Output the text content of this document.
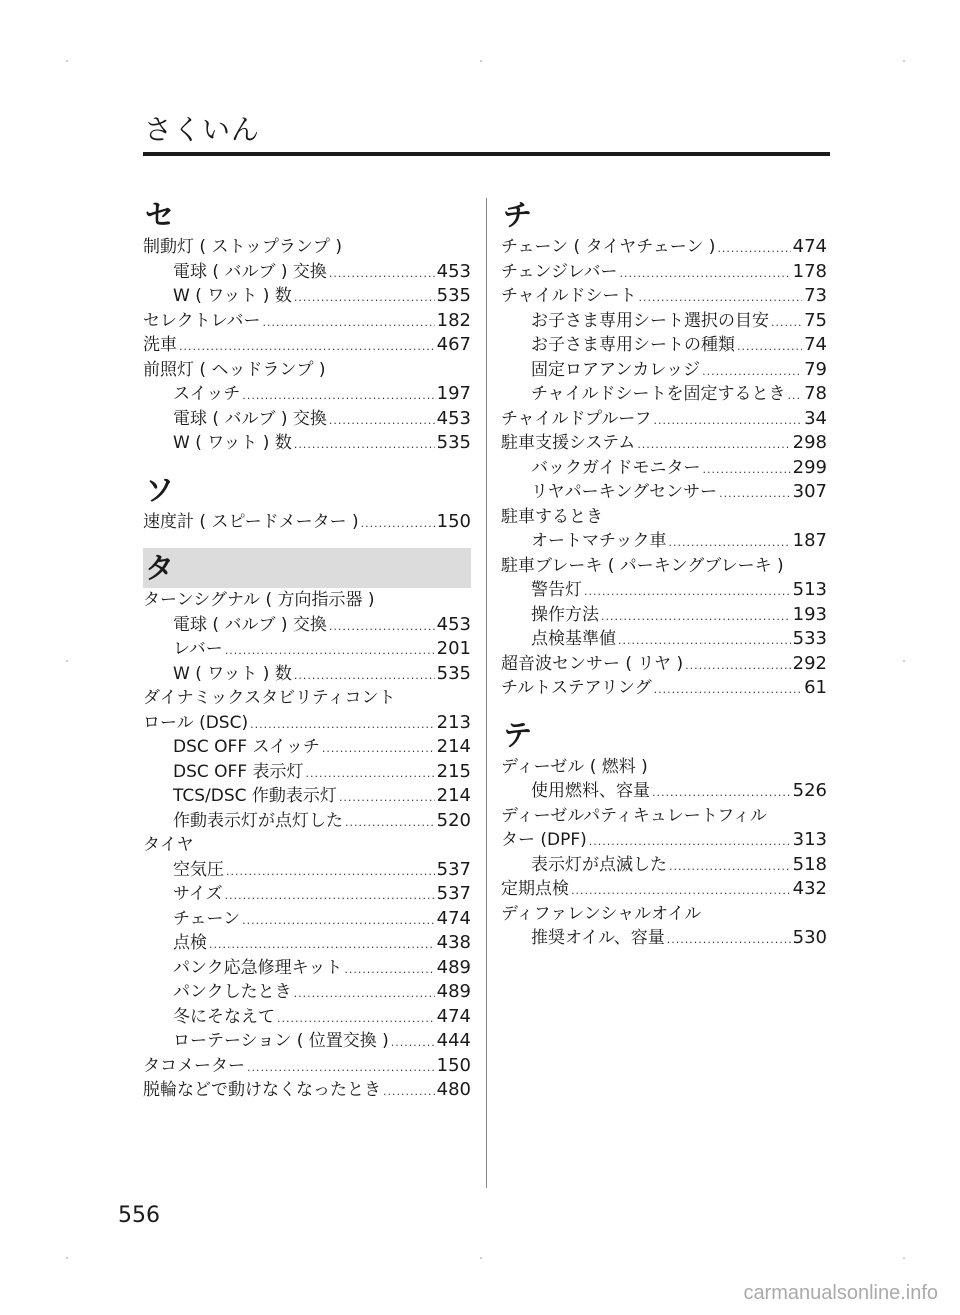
さくいん
セ
制動灯 ( ストップランプ )
電球 ( バルブ ) 交換 .....	453
W ( ワット ) 数 .....	535
セレクトレバー .....	182
洗車 .....	467
前照灯 ( ヘッドランプ )
スイッチ .....	197
電球 ( バルブ ) 交換 .....	453
W ( ワット ) 数 .....	535
ソ
速度計 ( スピードメーター ) .....	150
タ
ターンシグナル ( 方向指示器 )
電球 ( バルブ ) 交換 .....	453
レバー .....	201
W ( ワット ) 数 .....	535
ダイナミックスタビリティコント
ロール (DSC) .....	213
DSC OFF スイッチ .....	214
DSC OFF 表示灯 .....	215
TCS/DSC 作動表示灯 .....	214
作動表示灯が点灯した .....	520
タイヤ
空気圧 .....	537
サイズ .....	537
チェーン .....	474
点検 .....	438
パンク応急修理キット .....	489
パンクしたとき .....	489
冬にそなえて .....	474
ローテーション ( 位置交換 ) .....	444
タコメーター .....	150
脱輪などで動けなくなったとき .....	480
チ
チェーン ( タイヤチェーン ) .....	474
チェンジレバー .....	178
チャイルドシート .....	73
お子さま専用シート選択の目安 ..... 75
お子さま専用シートの種類 .....	74
固定ロアアンカレッジ .....	79
チャイルドシートを固定するとき ..... 78
チャイルドプルーフ .....	34
駐車支援システム .....	298
バックガイドモニター .....	299
リヤパーキングセンサー .....	307
駐車するとき
オートマチック車 .....	187
駐車ブレーキ ( パーキングブレーキ )
警告灯 .....	513
操作方法 .....	193
点検基準値 .....	533
超音波センサー ( リヤ ) .....	292
チルトステアリング .....	61
テ
ディーゼル ( 燃料 )
使用燃料、容量 .....	526
ディーゼルパティキュレートフィル
ター (DPF) .....	313
表示灯が点滅した .....	518
定期点検 .....	432
ディファレンシャルオイル
推奨オイル、容量 .....	530
556
carmanualsonline.info
